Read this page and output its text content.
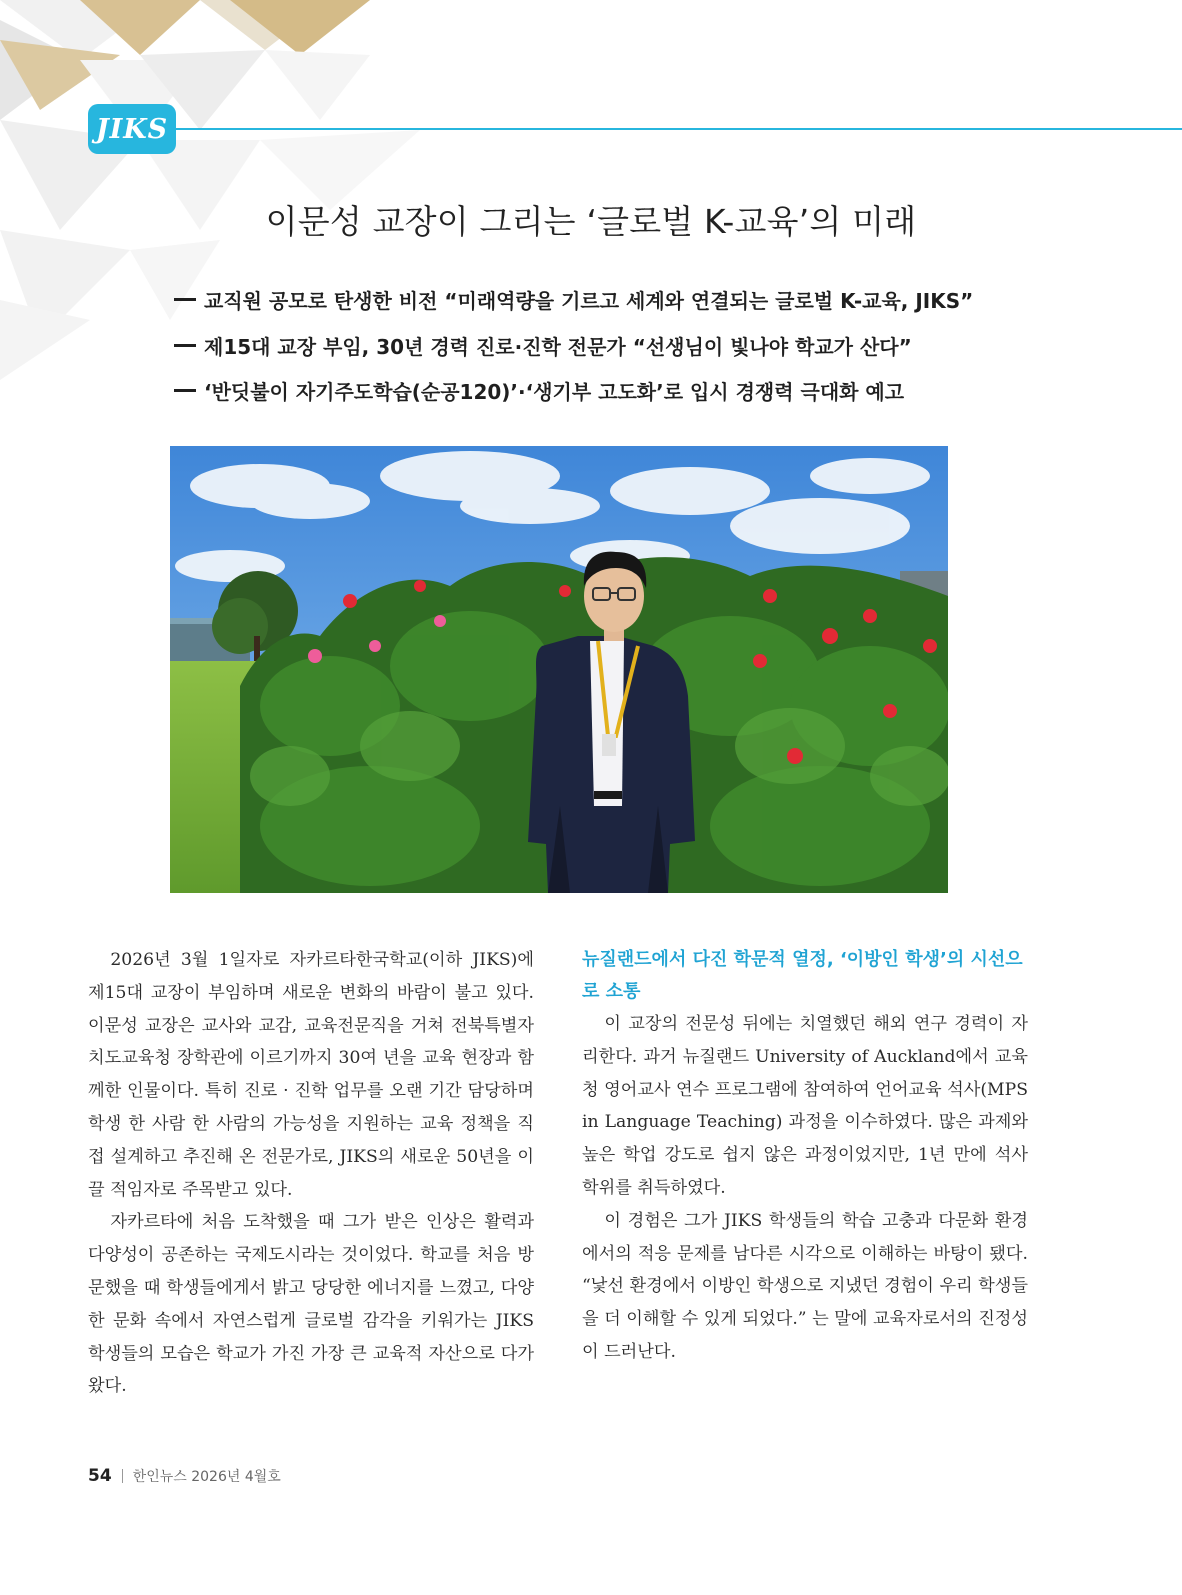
JIKS
이문성 교장이 그리는 ‘글로벌 K-교육’의 미래
교직원 공모로 탄생한 비전 “미래역량을 기르고 세계와 연결되는 글로벌 K-교육, JIKS”
제15대 교장 부임, 30년 경력 진로·진학 전문가 “선생님이 빛나야 학교가 산다”
‘반딧불이 자기주도학습(순공120)’·‘생기부 고도화’로 입시 경쟁력 극대화 예고

2026년 3월 1일자로 자카르타한국학교(이하 JIKS)에 제15대 교장이 부임하며 새로운 변화의 바람이 불고 있다. 이문성 교장은 교사와 교감, 교육전문직을 거쳐 전북특별자치도교육청 장학관에 이르기까지 30여 년을 교육 현장과 함께한 인물이다. 특히 진로 · 진학 업무를 오랜 기간 담당하며 학생 한 사람 한 사람의 가능성을 지원하는 교육 정책을 직접 설계하고 추진해 온 전문가로, JIKS의 새로운 50년을 이끌 적임자로 주목받고 있다.

자카르타에 처음 도착했을 때 그가 받은 인상은 활력과 다양성이 공존하는 국제도시라는 것이었다. 학교를 처음 방문했을 때 학생들에게서 밝고 당당한 에너지를 느꼈고, 다양한 문화 속에서 자연스럽게 글로벌 감각을 키워가는 JIKS 학생들의 모습은 학교가 가진 가장 큰 교육적 자산으로 다가왔다.

뉴질랜드에서 다진 학문적 열정, ‘이방인 학생’의 시선으로 소통

이 교장의 전문성 뒤에는 치열했던 해외 연구 경력이 자리한다. 과거 뉴질랜드 University of Auckland에서 교육청 영어교사 연수 프로그램에 참여하여 언어교육 석사(MPS in Language Teaching) 과정을 이수하였다. 많은 과제와 높은 학업 강도로 쉽지 않은 과정이었지만, 1년 만에 석사 학위를 취득하였다.

이 경험은 그가 JIKS 학생들의 학습 고충과 다문화 환경에서의 적응 문제를 남다른 시각으로 이해하는 바탕이 됐다. “낯선 환경에서 이방인 학생으로 지냈던 경험이 우리 학생들을 더 이해할 수 있게 되었다.” 는 말에 교육자로서의 진정성이 드러난다.

54 한인뉴스 2026년 4월호
